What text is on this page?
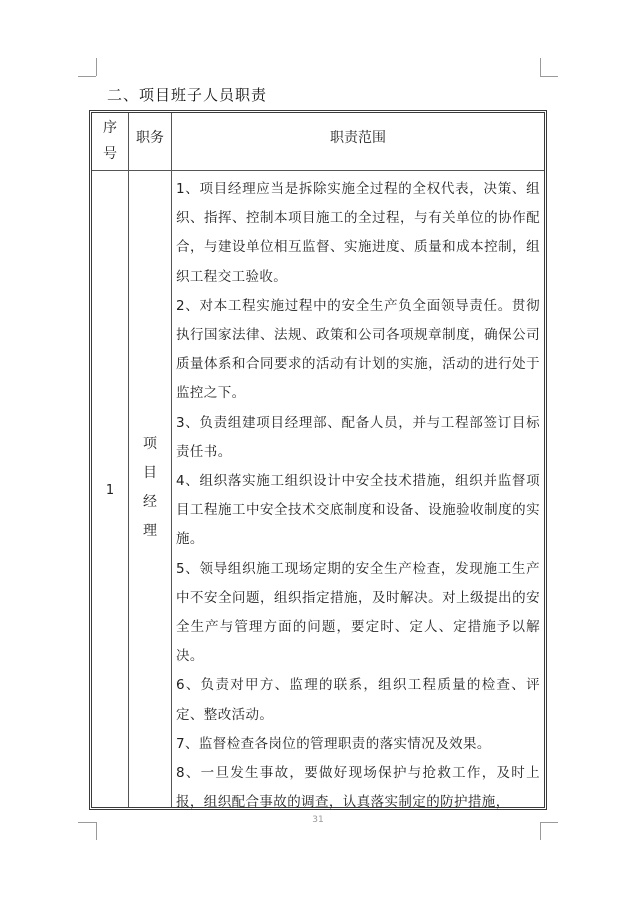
二、项目班子人员职责
序
号
职务	职责范围
1
项
目
经
理

1、项目经理应当是拆除实施全过程的全权代表，决策、组织、指挥、控制本项目施工的全过程，与有关单位的协作配合，与建设单位相互监督、实施进度、质量和成本控制，组织工程交工验收。

2、对本工程实施过程中的安全生产负全面领导责任。贯彻执行国家法律、法规、政策和公司各项规章制度，确保公司质量体系和合同要求的活动有计划的实施，活动的进行处于监控之下。

3、负责组建项目经理部、配备人员，并与工程部签订目标责任书。

4、组织落实施工组织设计中安全技术措施，组织并监督项目工程施工中安全技术交底制度和设备、设施验收制度的实施。

5、领导组织施工现场定期的安全生产检查，发现施工生产中不安全问题，组织指定措施，及时解决。对上级提出的安全生产与管理方面的问题，要定时、定人、定措施予以解决。

6、负责对甲方、监理的联系，组织工程质量的检查、评定、整改活动。

7、监督检查各岗位的管理职责的落实情况及效果。

8、一旦发生事故，要做好现场保护与抢救工作，及时上报，组织配合事故的调查，认真落实制定的防护措施，

31
